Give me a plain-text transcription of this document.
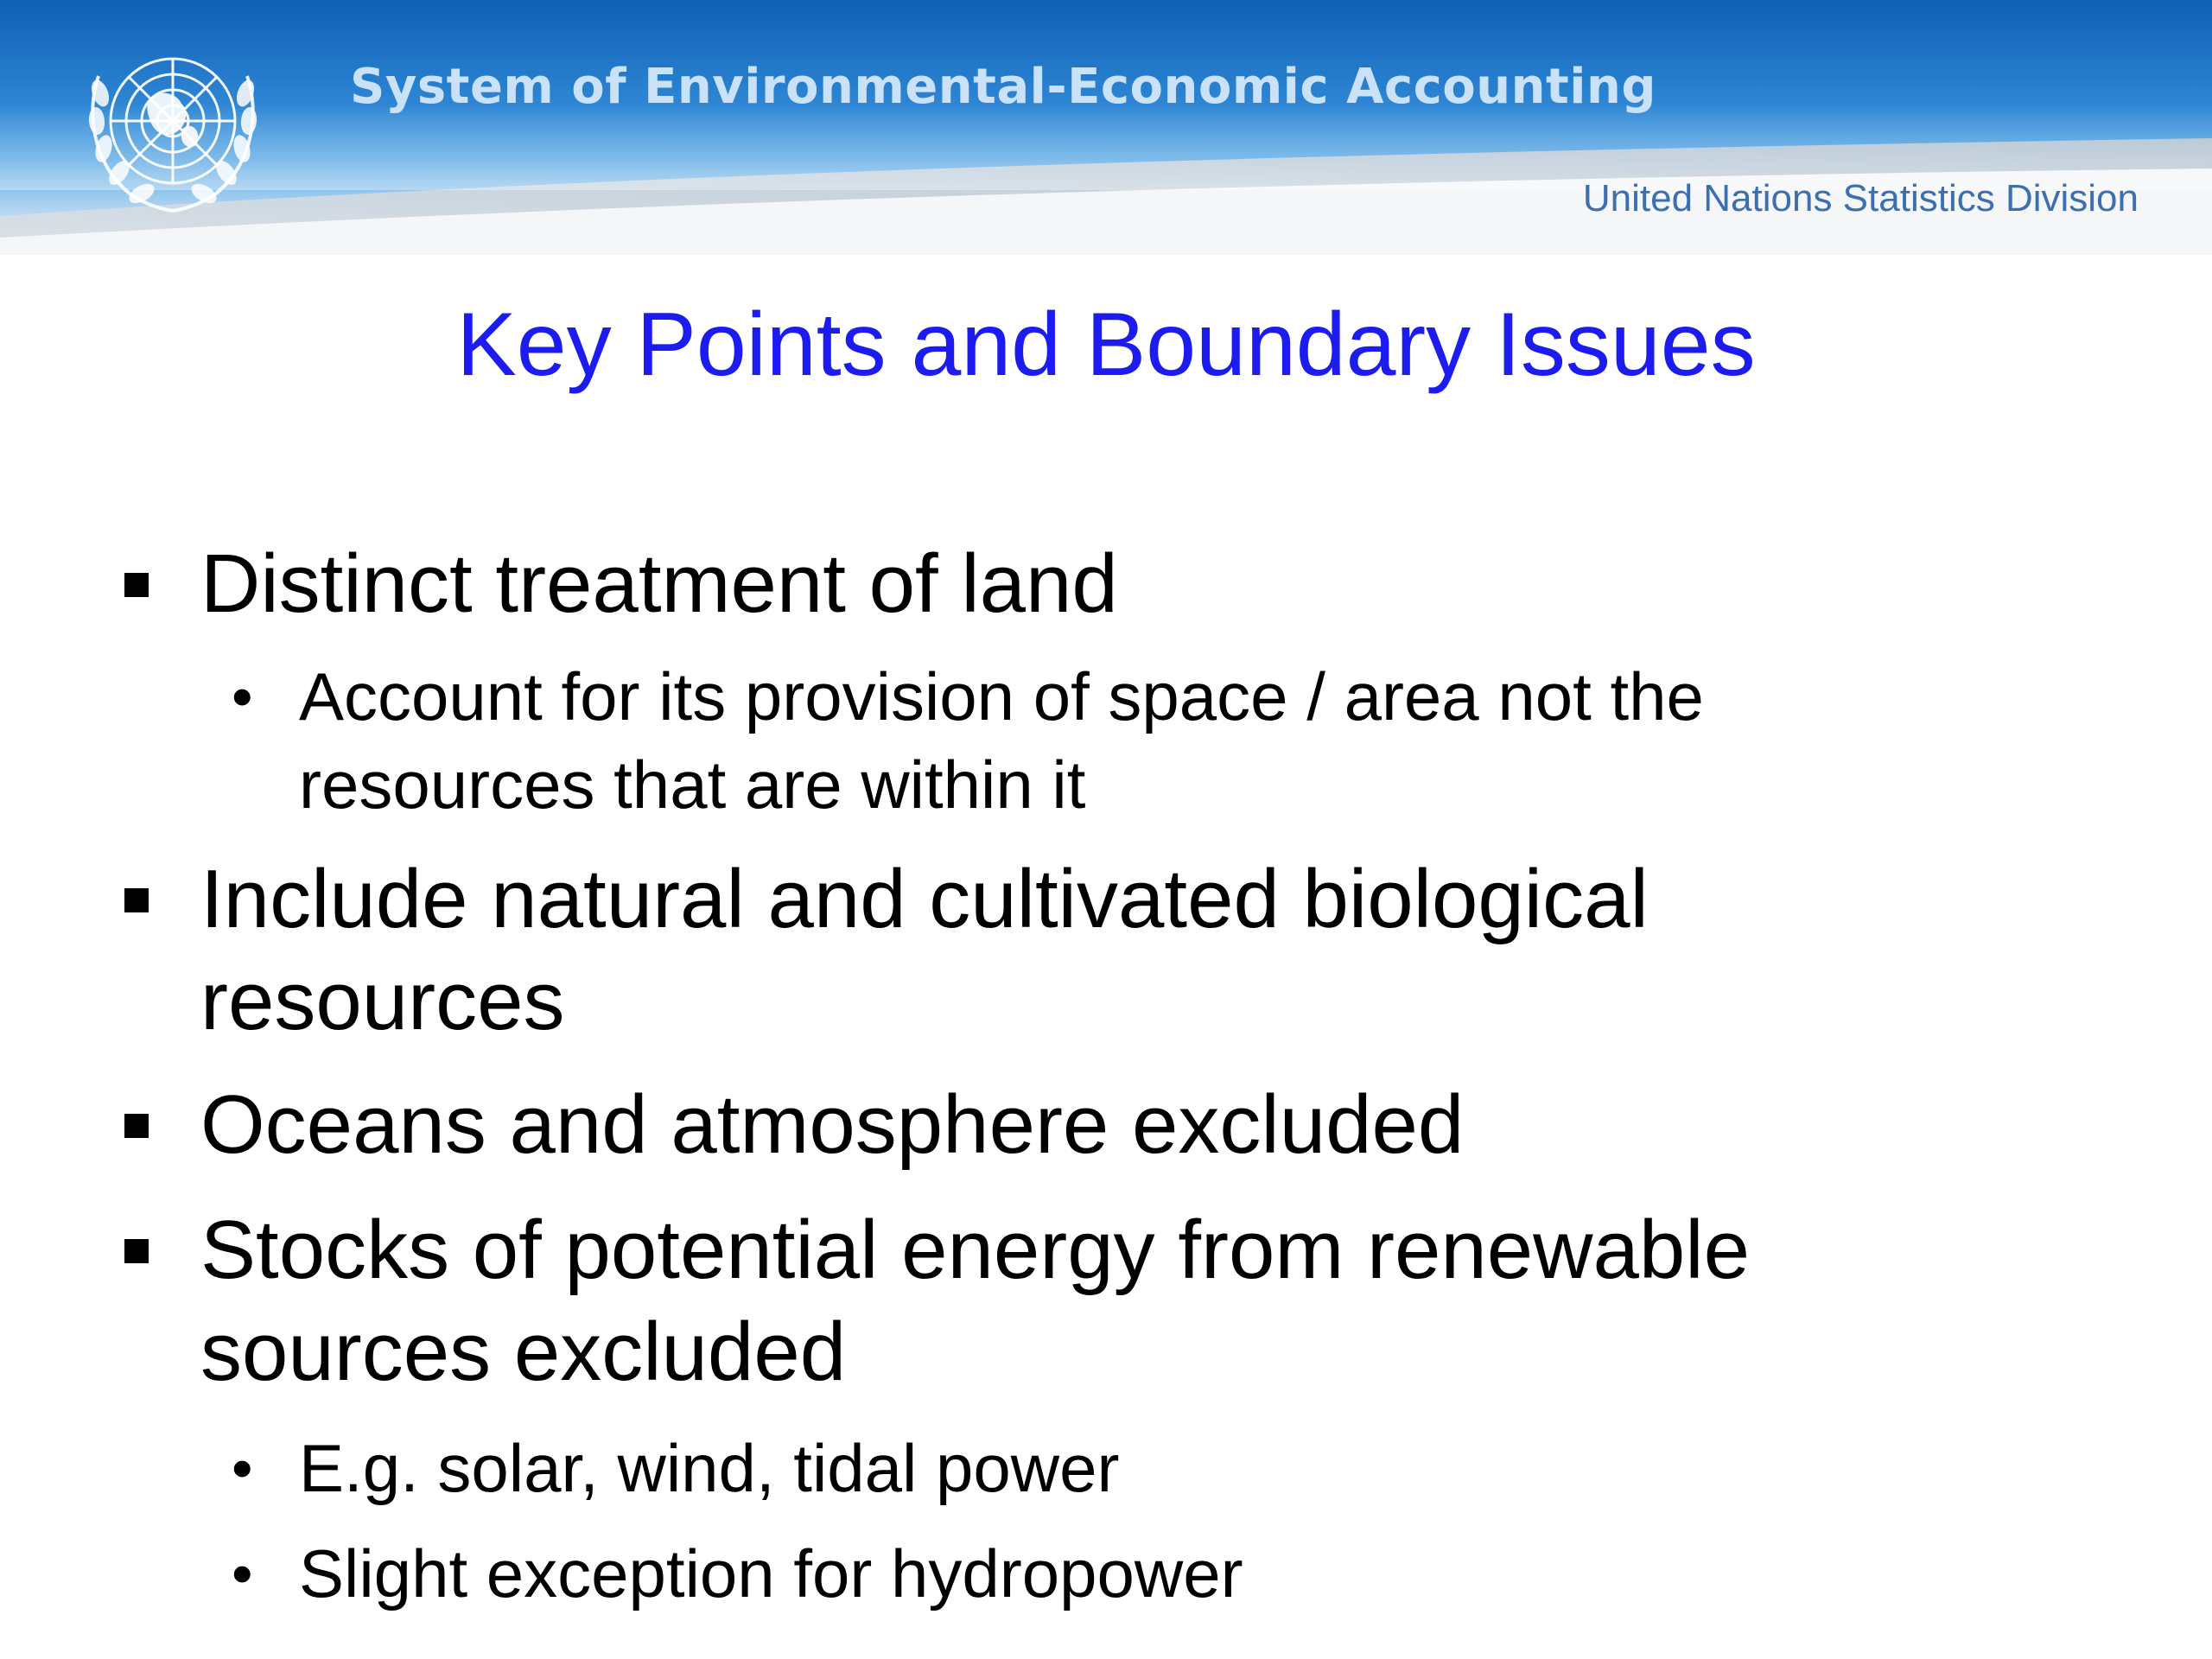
System of Environmental-Economic Accounting
United Nations Statistics Division
Key Points and Boundary Issues
Distinct treatment of land
• Account for its provision of space / area not the resources that are within it
Include natural and cultivated biological resources
Oceans and atmosphere excluded
Stocks of potential energy from renewable sources excluded
• E.g. solar, wind, tidal power
• Slight exception for hydropower
